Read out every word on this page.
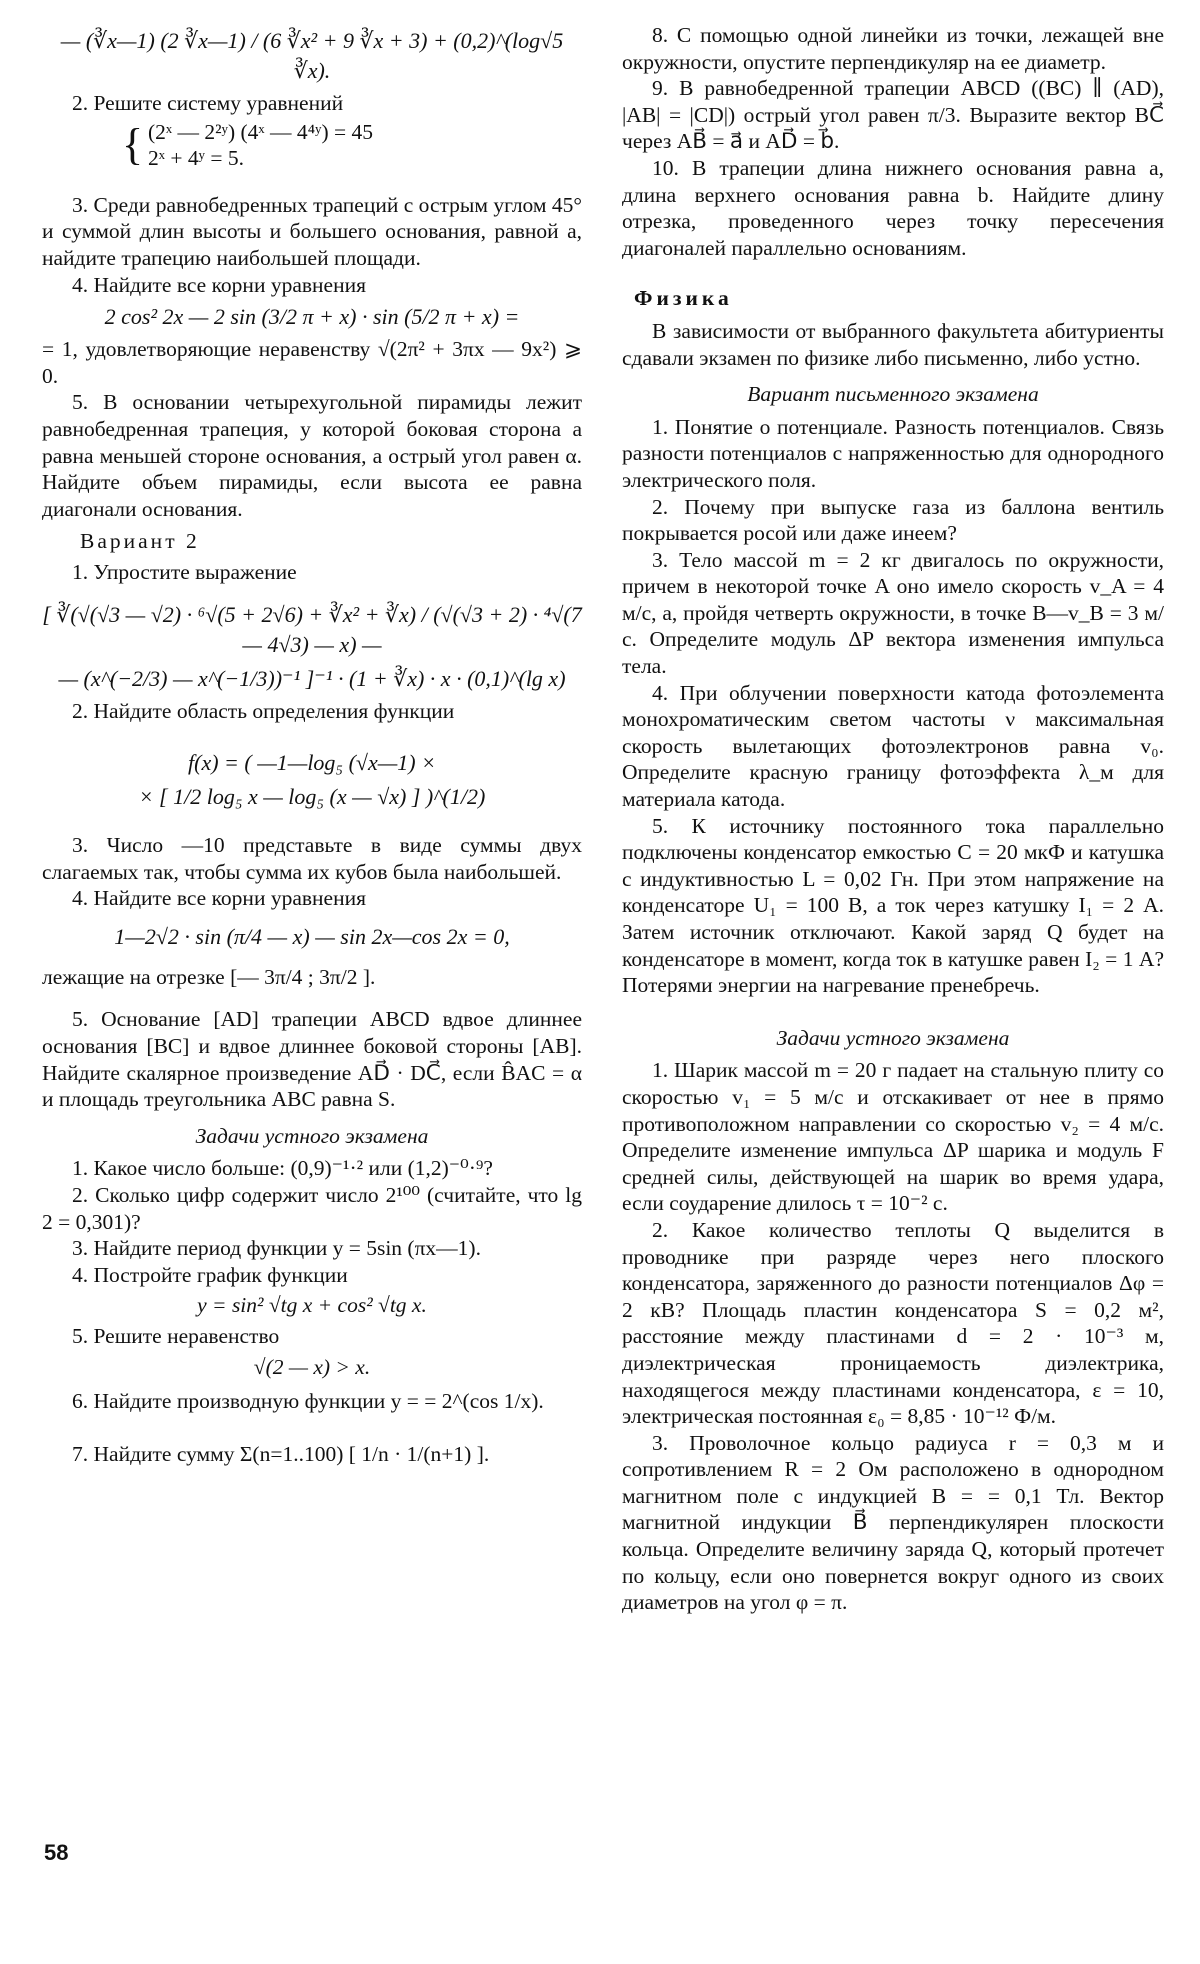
— (∛x—1) (2 ∛x—1) / (6 ∛x² + 9 ∛x + 3) + (0,2)^(log√5 ∛x).

2. Решите систему уравнений

{ (2ˣ — 2²ʸ) (4ˣ — 4⁴ʸ) = 45
2ˣ + 4ʸ = 5.

3. Среди равнобедренных трапеций с острым углом 45° и суммой длин высоты и большего основания, равной a, найдите трапецию наибольшей площади.

4. Найдите все корни уравнения

2 cos² 2x — 2 sin (3/2 π + x) · sin (5/2 π + x) =

= 1, удовлетворяющие неравенству √(2π² + 3πx — 9x²) ⩾ 0.

5. В основании четырехугольной пирамиды лежит равнобедренная трапеция, у которой боковая сторона a равна меньшей стороне основания, а острый угол равен α. Найдите объем пирамиды, если высота ее равна диагонали основания.

Вариант 2

1. Упростите выражение

[ ∛(√(√3 — √2) · ⁶√(5 + 2√6) + ∛x² + ∛x) / (√(√3 + 2) · ⁴√(7 — 4√3) — x) —

— (x^(−2/3) — x^(−1/3))⁻¹ ]⁻¹ · (1 + ∛x) · x · (0,1)^(lg x)

2. Найдите область определения функции

f(x) = ( —1—log₅ (√x—1) ×

× [ 1/2 log₅ x — log₅ (x — √x) ] )^(1/2)

3. Число —10 представьте в виде суммы двух слагаемых так, чтобы сумма их кубов была наибольшей.

4. Найдите все корни уравнения

1—2√2 · sin (π/4 — x) — sin 2x—cos 2x = 0,

лежащие на отрезке [— 3π/4 ; 3π/2 ].

5. Основание [AD] трапеции ABCD вдвое длиннее основания [BC] и вдвое длиннее боковой стороны [AB]. Найдите скалярное произведение AD⃗ · DC⃗, если B̂AC = α и площадь треугольника ABC равна S.

Задачи устного экзамена

1. Какое число больше: (0,9)⁻¹·² или (1,2)⁻⁰·⁹?

2. Сколько цифр содержит число 2¹⁰⁰ (считайте, что lg 2 = 0,301)?

3. Найдите период функции y = 5sin (πx—1).

4. Постройте график функции

y = sin² √tg x + cos² √tg x.

5. Решите неравенство

√(2 — x) > x.

6. Найдите производную функции y = = 2^(cos 1/x).

7. Найдите сумму Σ(n=1..100) [ 1/n · 1/(n+1) ].

8. С помощью одной линейки из точки, лежащей вне окружности, опустите перпендикуляр на ее диаметр.

9. В равнобедренной трапеции ABCD ((BC) ∥ (AD), |AB| = |CD|) острый угол равен π/3. Выразите вектор BC⃗ через AB⃗ = a⃗ и AD⃗ = b⃗.

10. В трапеции длина нижнего основания равна a, длина верхнего основания равна b. Найдите длину отрезка, проведенного через точку пересечения диагоналей параллельно основаниям.

Физика

В зависимости от выбранного факультета абитуриенты сдавали экзамен по физике либо письменно, либо устно.

Вариант письменного экзамена

1. Понятие о потенциале. Разность потенциалов. Связь разности потенциалов с напряженностью для однородного электрического поля.

2. Почему при выпуске газа из баллона вентиль покрывается росой или даже инеем?

3. Тело массой m = 2 кг двигалось по окружности, причем в некоторой точке A оно имело скорость v_A = 4 м/с, а, пройдя четверть окружности, в точке B—v_B = 3 м/с. Определите модуль ΔP вектора изменения импульса тела.

4. При облучении поверхности катода фотоэлемента монохроматическим светом частоты ν максимальная скорость вылетающих фотоэлектронов равна v₀. Определите красную границу фотоэффекта λ_м для материала катода.

5. К источнику постоянного тока параллельно подключены конденсатор емкостью C = 20 мкФ и катушка с индуктивностью L = 0,02 Гн. При этом напряжение на конденсаторе U₁ = 100 В, а ток через катушку I₁ = 2 А. Затем источник отключают. Какой заряд Q будет на конденсаторе в момент, когда ток в катушке равен I₂ = 1 А? Потерями энергии на нагревание пренебречь.

Задачи устного экзамена

1. Шарик массой m = 20 г падает на стальную плиту со скоростью v₁ = 5 м/с и отскакивает от нее в прямо противоположном направлении со скоростью v₂ = 4 м/с. Определите изменение импульса ΔP шарика и модуль F средней силы, действующей на шарик во время удара, если соударение длилось τ = 10⁻² с.

2. Какое количество теплоты Q выделится в проводнике при разряде через него плоского конденсатора, заряженного до разности потенциалов Δφ = 2 кВ? Площадь пластин конденсатора S = 0,2 м², расстояние между пластинами d = 2 · 10⁻³ м, диэлектрическая проницаемость диэлектрика, находящегося между пластинами конденсатора, ε = 10, электрическая постоянная ε₀ = 8,85 · 10⁻¹² Ф/м.

3. Проволочное кольцо радиуса r = 0,3 м и сопротивлением R = 2 Ом расположено в однородном магнитном поле с индукцией B = = 0,1 Тл. Вектор магнитной индукции B⃗ перпендикулярен плоскости кольца. Определите величину заряда Q, который протечет по кольцу, если оно повернется вокруг одного из своих диаметров на угол φ = π.

58
